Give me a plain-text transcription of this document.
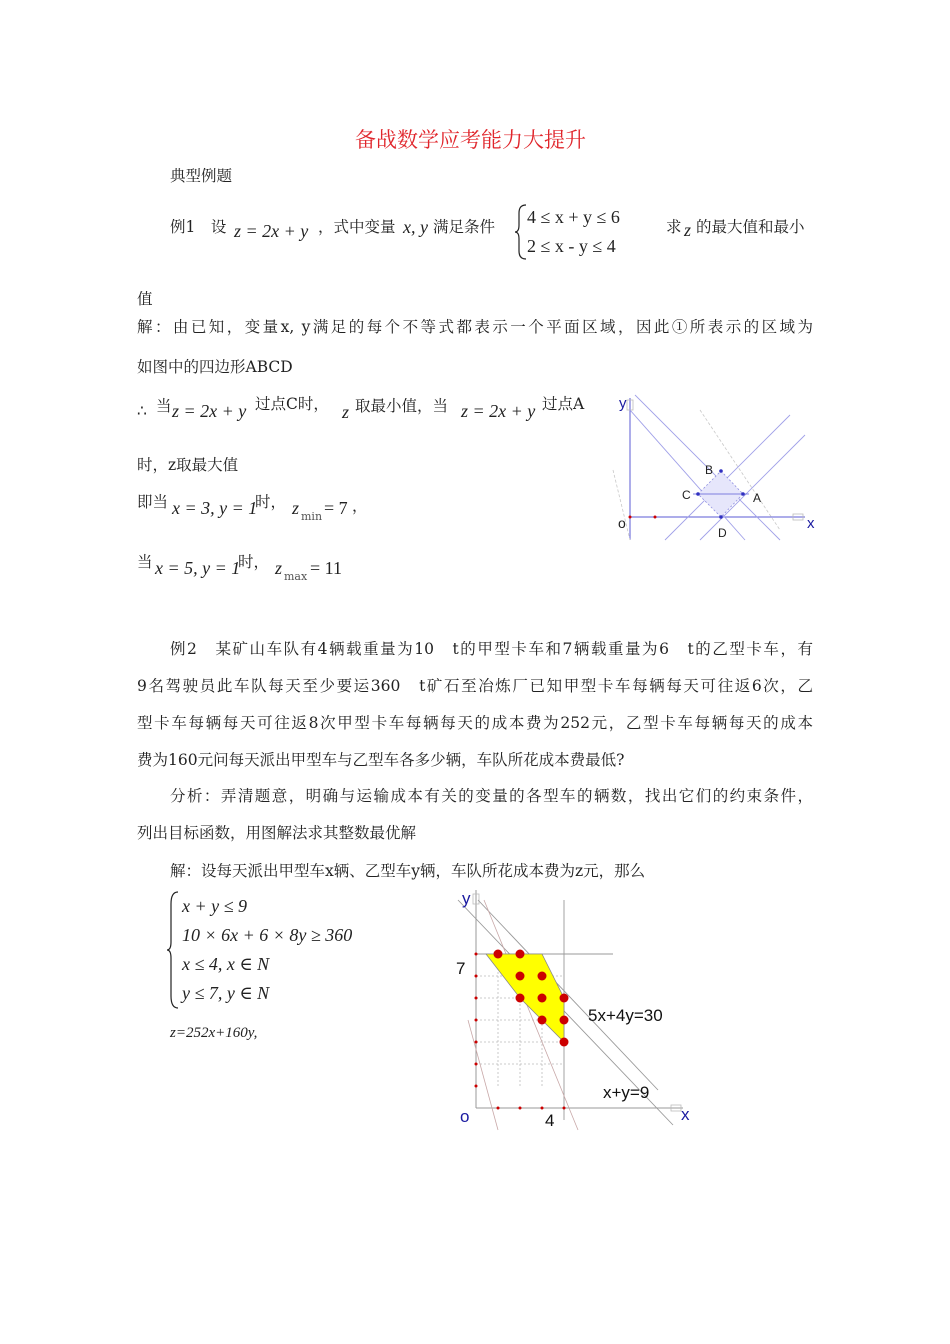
备战数学应考能力大提升
典型例题
例1　设 z = 2x + y ，式中变量 x, y 满足条件 4 ≤ x + y ≤ 6
2 ≤ x - y ≤ 4
求 z 的最大值和最小
值
解：由已知，变量x, y满足的每个不等式都表示一个平面区域，因此①所表示的区域为
如图中的四边形ABCD
∴ 当 z = 2x + y 过点C时， z 取最小值，当 z = 2x + y 过点A
时，z取最大值
即当 x = 3, y = 1
时， z min = 7 ，
当 x = 5, y = 1
时， z max = 11
y
x
o
B
C	A
D
例2　某矿山车队有4辆载重量为10　t的甲型卡车和7辆载重量为6　t的乙型卡车，有
9名驾驶员此车队每天至少要运360　t矿石至冶炼厂已知甲型卡车每辆每天可往返6次，乙
型卡车每辆每天可往返8次甲型卡车每辆每天的成本费为252元，乙型卡车每辆每天的成本
费为160元问每天派出甲型车与乙型车各多少辆，车队所花成本费最低?
分析：弄清题意，明确与运输成本有关的变量的各型车的辆数，找出它们的约束条件，
列出目标函数，用图解法求其整数最优解
解：设每天派出甲型车x辆、乙型车y辆，车队所花成本费为z元，那么
x + y ≤ 9
10 × 6x + 6 × 8y ≥ 360
x ≤ 4, x ∈ N
y ≤ 7, y ∈ N
z=252x+160y,
y
x
o
7
4
5x+4y=30
x+y=9
